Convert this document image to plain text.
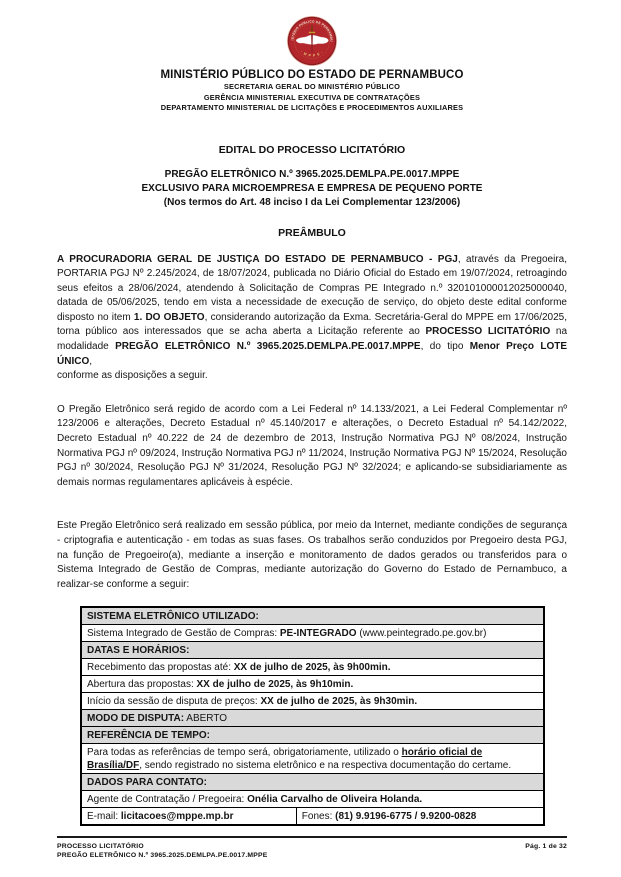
ISTÉRIO PÚBLICO DE PERNAMBU
· M P P E ·
MINISTÉRIO PÚBLICO DO ESTADO DE PERNAMBUCO
SECRETARIA GERAL DO MINISTÉRIO PÚBLICO
GERÊNCIA MINISTERIAL EXECUTIVA DE CONTRATAÇÕES
DEPARTAMENTO MINISTERIAL DE LICITAÇÕES E PROCEDIMENTOS AUXILIARES
EDITAL DO PROCESSO LICITATÓRIO
PREGÃO ELETRÔNICO N.º 3965.2025.DEMLPA.PE.0017.MPPE
EXCLUSIVO PARA MICROEMPRESA E EMPRESA DE PEQUENO PORTE
(Nos termos do Art. 48 inciso I da Lei Complementar 123/2006)
PREÂMBULO

A PROCURADORIA GERAL DE JUSTIÇA DO ESTADO DE PERNAMBUCO - PGJ, através da Pregoeira, PORTARIA PGJ Nº 2.245/2024, de 18/07/2024, publicada no Diário Oficial do Estado em 19/07/2024, retroagindo seus efeitos a 28/06/2024, atendendo à Solicitação de Compras PE Integrado n.º 320101000012025000040, datada de 05/06/2025, tendo em vista a necessidade de execução de serviço, do objeto deste edital conforme disposto no item 1. DO OBJETO, considerando autorização da Exma. Secretária-Geral do MPPE em 17/06/2025, torna público aos interessados que se acha aberta a Licitação referente ao PROCESSO LICITATÓRIO na modalidade PREGÃO ELETRÔNICO N.º 3965.2025.DEMLPA.PE.0017.MPPE, do tipo Menor Preço LOTE ÚNICO,
conforme as disposições a seguir.

O Pregão Eletrônico será regido de acordo com a Lei Federal nº 14.133/2021, a Lei Federal Complementar nº 123/2006 e alterações, Decreto Estadual nº 45.140/2017 e alterações, o Decreto Estadual nº 54.142/2022, Decreto Estadual nº 40.222 de 24 de dezembro de 2013, Instrução Normativa PGJ Nº 08/2024, Instrução Normativa PGJ nº 09/2024, Instrução Normativa PGJ nº 11/2024, Instrução Normativa PGJ Nº 15/2024, Resolução PGJ nº 30/2024, Resolução PGJ Nº 31/2024, Resolução PGJ Nº 32/2024; e aplicando-se subsidiariamente as demais normas regulamentares aplicáveis à espécie.

Este Pregão Eletrônico será realizado em sessão pública, por meio da Internet, mediante condições de segurança - criptografia e autenticação - em todas as suas fases. Os trabalhos serão conduzidos por Pregoeiro desta PGJ, na função de Pregoeiro(a), mediante a inserção e monitoramento de dados gerados ou transferidos para o Sistema Integrado de Gestão de Compras, mediante autorização do Governo do Estado de Pernambuco, a realizar-se conforme a seguir:

SISTEMA ELETRÔNICO UTILIZADO:
Sistema Integrado de Gestão de Compras: PE-INTEGRADO (www.peintegrado.pe.gov.br)
DATAS E HORÁRIOS:
Recebimento das propostas até: XX de julho de 2025, às 9h00min.
Abertura das propostas: XX de julho de 2025, às 9h10min.
Início da sessão de disputa de preços: XX de julho de 2025, às 9h30min.
MODO DE DISPUTA: ABERTO
REFERÊNCIA DE TEMPO:
Para todas as referências de tempo será, obrigatoriamente, utilizado o horário oficial de Brasília/DF, sendo registrado no sistema eletrônico e na respectiva documentação do certame.
DADOS PARA CONTATO:
Agente de Contratação / Pregoeira: Onélia Carvalho de Oliveira Holanda.
E-mail: licitacoes@mppe.mp.br	Fones: (81) 9.9196-6775 / 9.9200-0828
PROCESSO LICITATÓRIO
PREGÃO ELETRÔNICO N.º 3965.2025.DEMLPA.PE.0017.MPPE
Pág. 1 de 32
